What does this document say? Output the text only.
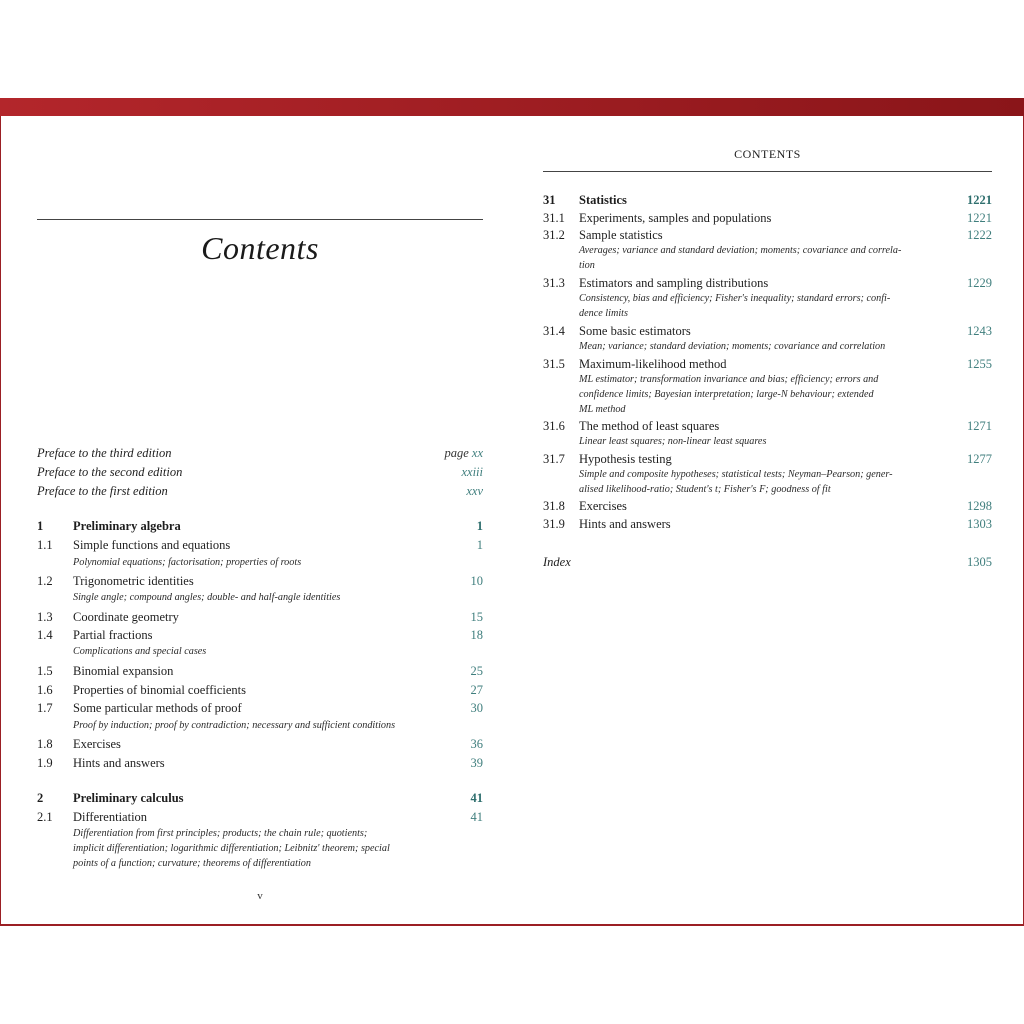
Contents
Preface to the third edition	page xx
Preface to the second edition	xxiii
Preface to the first edition	xxv
1 Preliminary algebra	1
1.1 Simple functions and equations	1
Polynomial equations; factorisation; properties of roots
1.2 Trigonometric identities	10
Single angle; compound angles; double- and half-angle identities
1.3 Coordinate geometry	15
1.4 Partial fractions	18
Complications and special cases
1.5 Binomial expansion	25
1.6 Properties of binomial coefficients	27
1.7 Some particular methods of proof	30
Proof by induction; proof by contradiction; necessary and sufficient conditions
1.8 Exercises	36
1.9 Hints and answers	39
2 Preliminary calculus	41
2.1 Differentiation	41
Differentiation from first principles; products; the chain rule; quotients;
implicit differentiation; logarithmic differentiation; Leibnitz' theorem; special
points of a function; curvature; theorems of differentiation
v
CONTENTS
31 Statistics	1221
31.1 Experiments, samples and populations	1221
31.2 Sample statistics	1222
Averages; variance and standard deviation; moments; covariance and correla-
tion
31.3 Estimators and sampling distributions	1229
Consistency, bias and efficiency; Fisher's inequality; standard errors; confi-
dence limits
31.4 Some basic estimators	1243
Mean; variance; standard deviation; moments; covariance and correlation
31.5 Maximum-likelihood method	1255
ML estimator; transformation invariance and bias; efficiency; errors and
confidence limits; Bayesian interpretation; large-N behaviour; extended
ML method
31.6 The method of least squares	1271
Linear least squares; non-linear least squares
31.7 Hypothesis testing	1277
Simple and composite hypotheses; statistical tests; Neyman–Pearson; gener-
alised likelihood-ratio; Student's t; Fisher's F; goodness of fit
31.8 Exercises	1298
31.9 Hints and answers	1303
Index	1305
